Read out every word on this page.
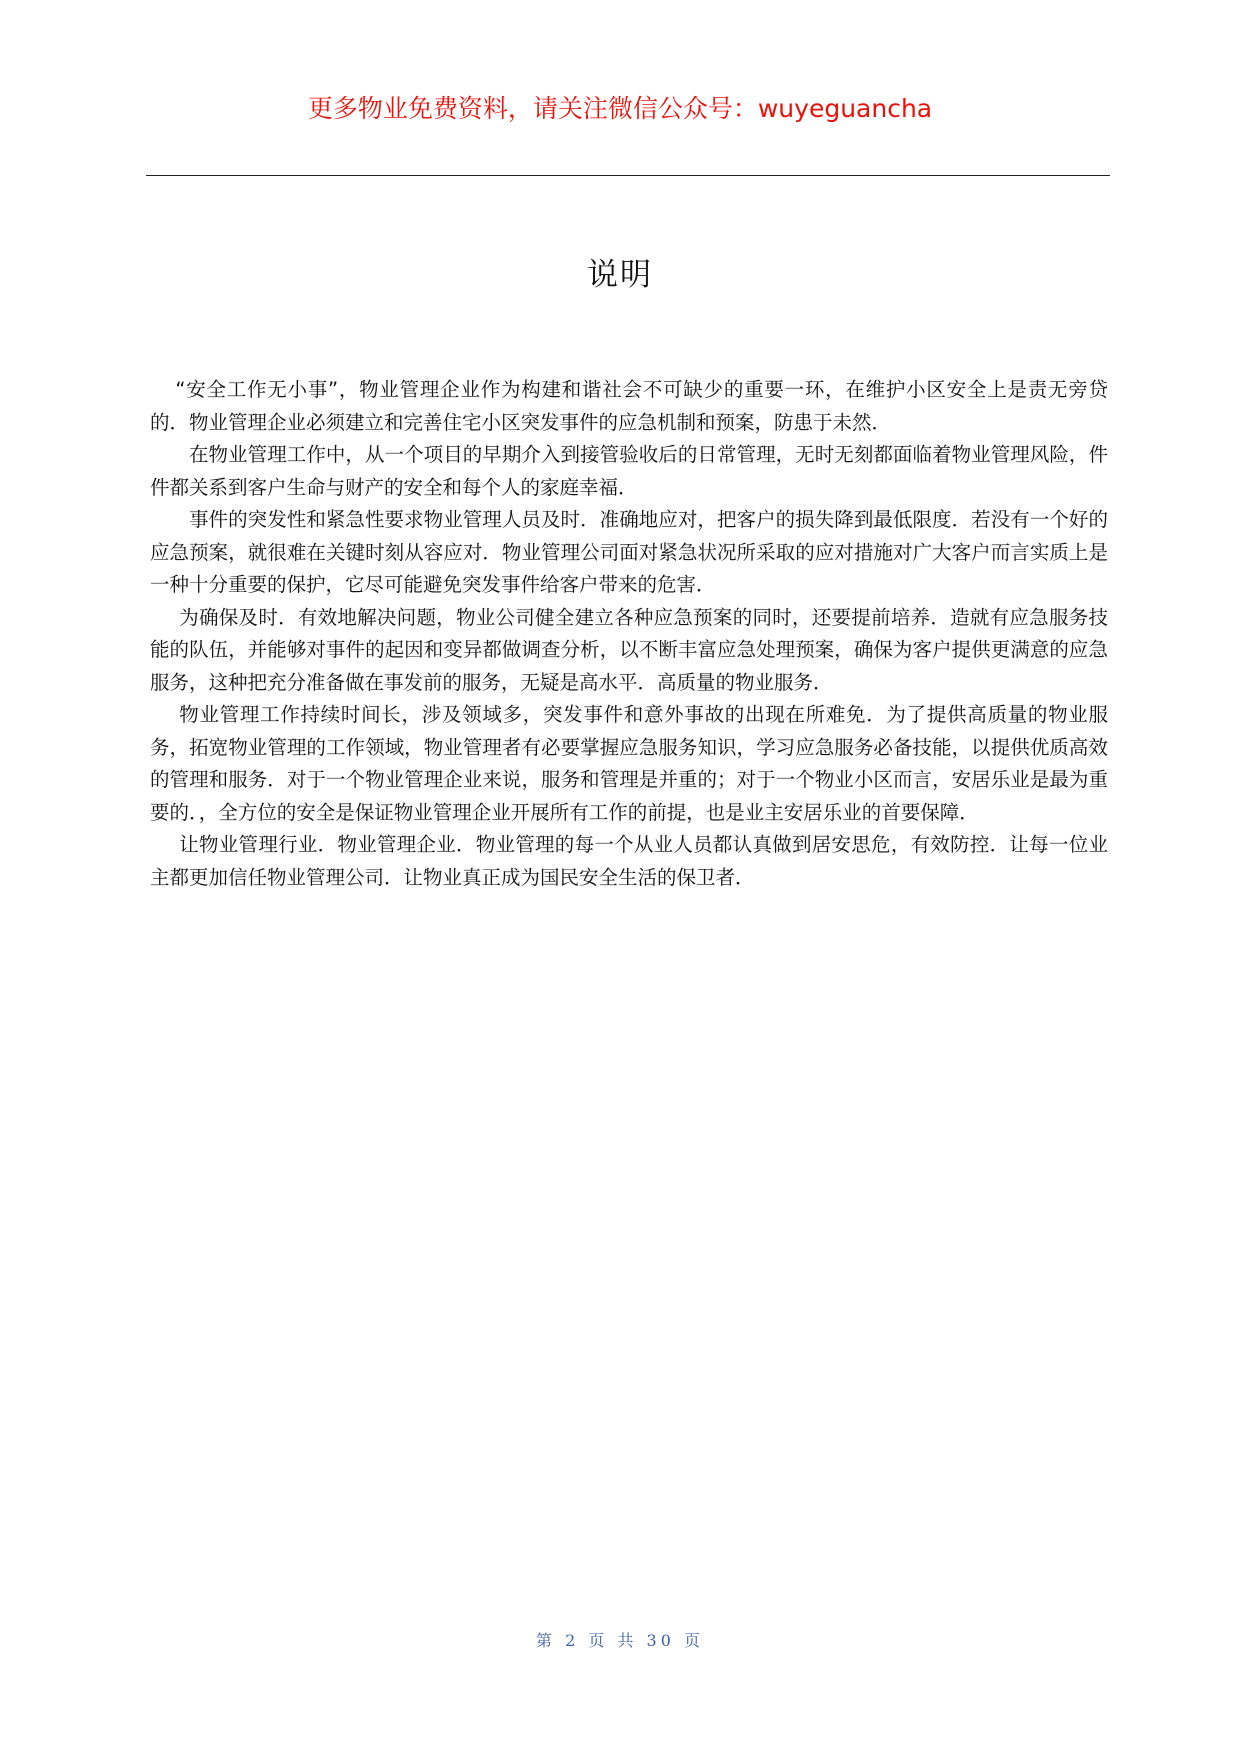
更多物业免费资料，请关注微信公众号：wuyeguancha
说明

“安全工作无小事”，物业管理企业作为构建和谐社会不可缺少的重要一环，在维护小区安全上是责无旁贷的．物业管理企业必须建立和完善住宅小区突发事件的应急机制和预案，防患于未然．

在物业管理工作中，从一个项目的早期介入到接管验收后的日常管理，无时无刻都面临着物业管理风险，件件都关系到客户生命与财产的安全和每个人的家庭幸福．

事件的突发性和紧急性要求物业管理人员及时．准确地应对，把客户的损失降到最低限度．若没有一个好的应急预案，就很难在关键时刻从容应对．物业管理公司面对紧急状况所采取的应对措施对广大客户而言实质上是一种十分重要的保护，它尽可能避免突发事件给客户带来的危害．

为确保及时．有效地解决问题，物业公司健全建立各种应急预案的同时，还要提前培养．造就有应急服务技能的队伍，并能够对事件的起因和变异都做调查分析，以不断丰富应急处理预案，确保为客户提供更满意的应急服务，这种把充分准备做在事发前的服务，无疑是高水平．高质量的物业服务．

物业管理工作持续时间长，涉及领域多，突发事件和意外事故的出现在所难免．为了提供高质量的物业服务，拓宽物业管理的工作领域，物业管理者有必要掌握应急服务知识，学习应急服务必备技能，以提供优质高效的管理和服务．对于一个物业管理企业来说，服务和管理是并重的；对于一个物业小区而言，安居乐业是最为重要的．，全方位的安全是保证物业管理企业开展所有工作的前提，也是业主安居乐业的首要保障．

让物业管理行业．物业管理企业．物业管理的每一个从业人员都认真做到居安思危，有效防控．让每一位业主都更加信任物业管理公司．让物业真正成为国民安全生活的保卫者．

第 2 页 共 30 页
